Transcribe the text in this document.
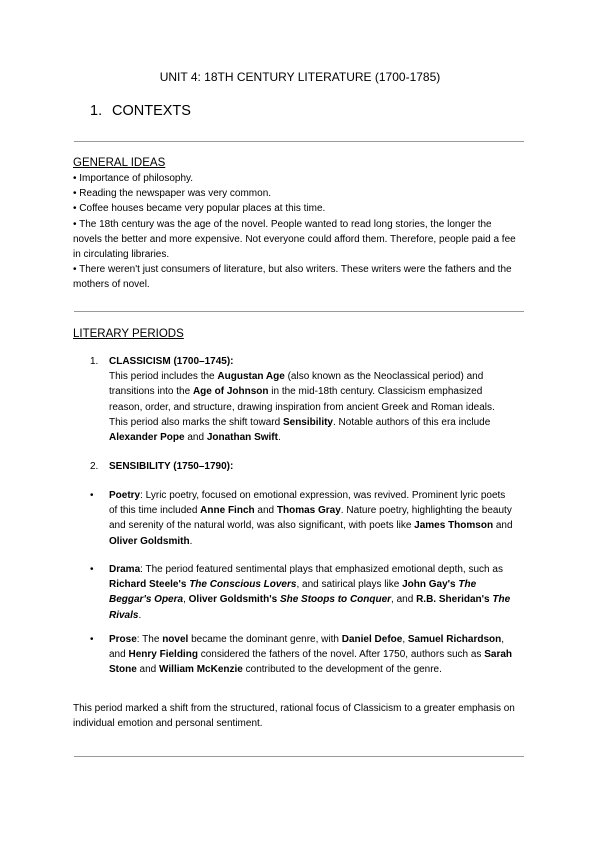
UNIT 4: 18TH CENTURY LITERATURE (1700-1785)
1. CONTEXTS
GENERAL IDEAS

• Importance of philosophy.

• Reading the newspaper was very common.

• Coffee houses became very popular places at this time.

• The 18th century was the age of the novel. People wanted to read long stories, the longer the novels the better and more expensive. Not everyone could afford them. Therefore, people paid a fee in circulating libraries.

• There weren't just consumers of literature, but also writers. These writers were the fathers and the mothers of novel.

LITERARY PERIODS
1. CLASSICISM (1700–1745):

This period includes the Augustan Age (also known as the Neoclassical period) and transitions into the Age of Johnson in the mid-18th century. Classicism emphasized reason, order, and structure, drawing inspiration from ancient Greek and Roman ideals. This period also marks the shift toward Sensibility. Notable authors of this era include Alexander Pope and Jonathan Swift.

2. SENSIBILITY (1750–1790):

• Poetry: Lyric poetry, focused on emotional expression, was revived. Prominent lyric poets of this time included Anne Finch and Thomas Gray. Nature poetry, highlighting the beauty and serenity of the natural world, was also significant, with poets like James Thomson and Oliver Goldsmith.

• Drama: The period featured sentimental plays that emphasized emotional depth, such as Richard Steele's The Conscious Lovers, and satirical plays like John Gay's The Beggar's Opera, Oliver Goldsmith's She Stoops to Conquer, and R.B. Sheridan's The Rivals.

• Prose: The novel became the dominant genre, with Daniel Defoe, Samuel Richardson, and Henry Fielding considered the fathers of the novel. After 1750, authors such as Sarah Stone and William McKenzie contributed to the development of the genre.

This period marked a shift from the structured, rational focus of Classicism to a greater emphasis on individual emotion and personal sentiment.
